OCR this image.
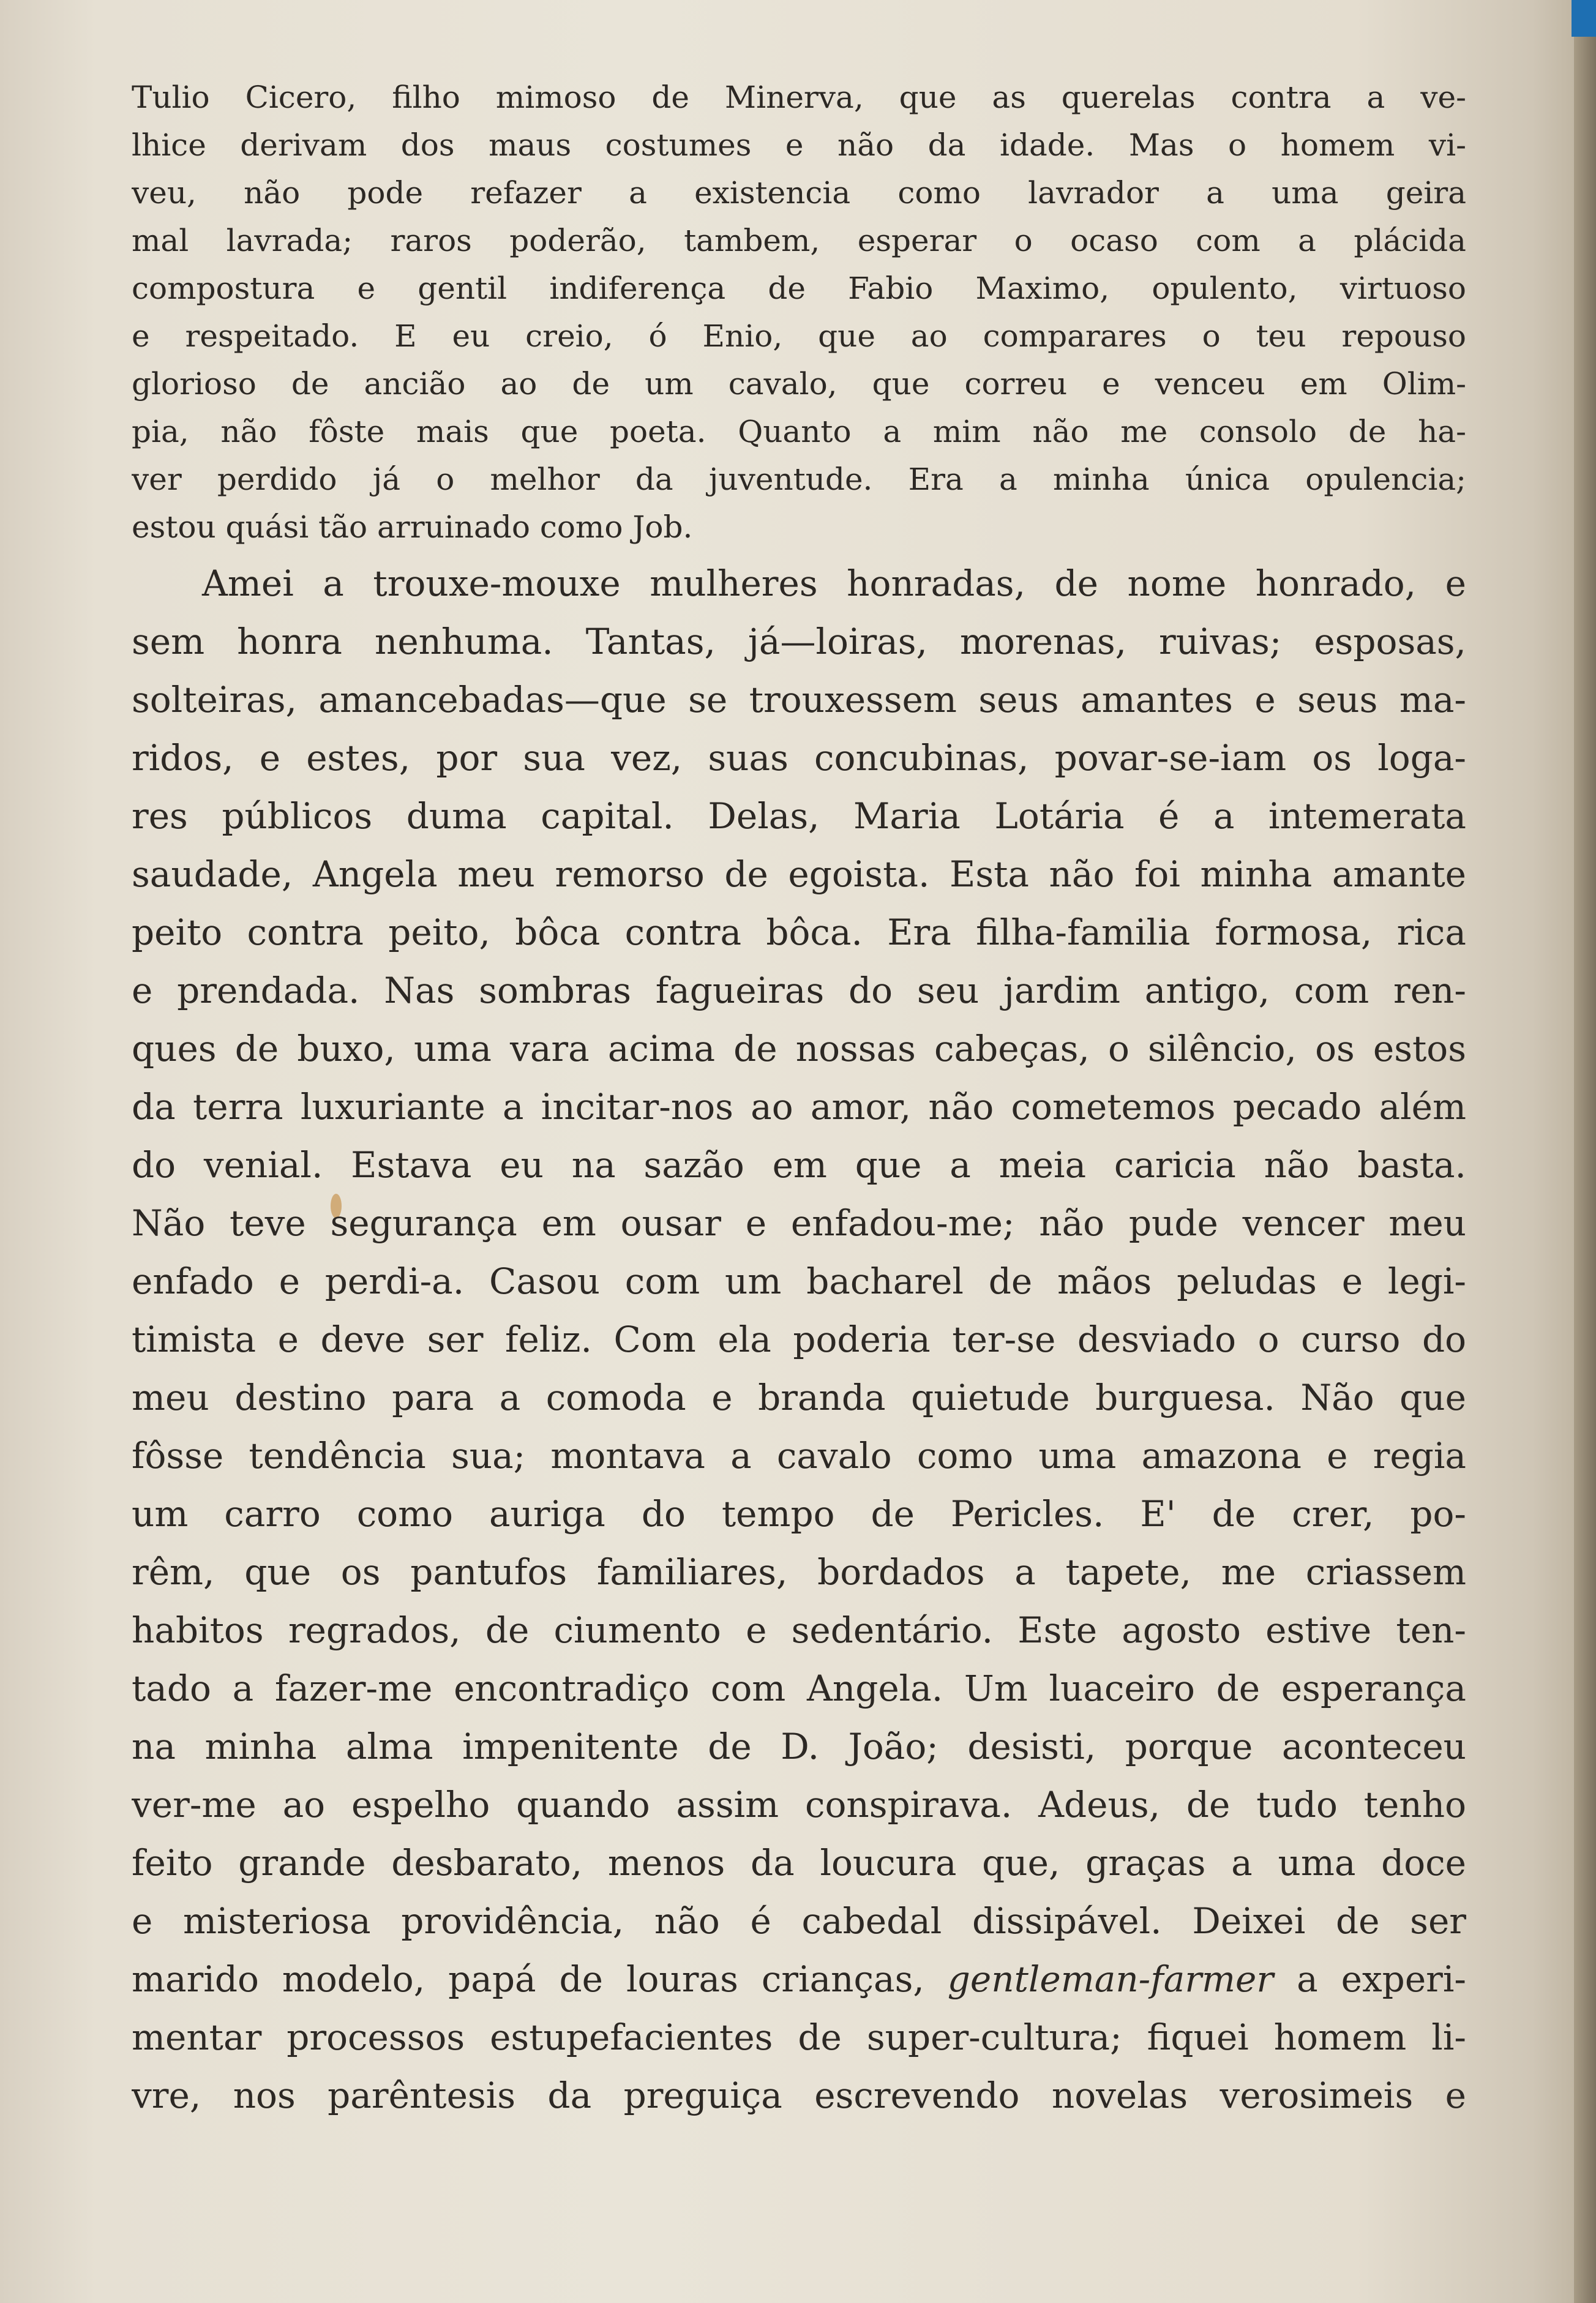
Tulio Cicero, filho mimoso de Minerva, que as querelas contra a ve-
lhice derivam dos maus costumes e não da idade. Mas o homem vi-
veu, não pode refazer a existencia como lavrador a uma geira
mal lavrada; raros poderão, tambem, esperar o ocaso com a plácida
compostura e gentil indiferença de Fabio Maximo, opulento, virtuoso
e respeitado. E eu creio, ó Enio, que ao comparares o teu repouso
glorioso de ancião ao de um cavalo, que correu e venceu em Olim-
pia, não fôste mais que poeta. Quanto a mim não me consolo de ha-
ver perdido já o melhor da juventude. Era a minha única opulencia;
estou quási tão arruinado como Job.
Amei a trouxe-mouxe mulheres honradas, de nome honrado, e
sem honra nenhuma. Tantas, já—loiras, morenas, ruivas; esposas,
solteiras, amancebadas—que se trouxessem seus amantes e seus ma-
ridos, e estes, por sua vez, suas concubinas, povar-se-iam os loga-
res públicos duma capital. Delas, Maria Lotária é a intemerata
saudade, Angela meu remorso de egoista. Esta não foi minha amante
peito contra peito, bôca contra bôca. Era filha-familia formosa, rica
e prendada. Nas sombras fagueiras do seu jardim antigo, com ren-
ques de buxo, uma vara acima de nossas cabeças, o silêncio, os estos
da terra luxuriante a incitar-nos ao amor, não cometemos pecado além
do venial. Estava eu na sazão em que a meia caricia não basta.
Não teve segurança em ousar e enfadou-me; não pude vencer meu
enfado e perdi-a. Casou com um bacharel de mãos peludas e legi-
timista e deve ser feliz. Com ela poderia ter-se desviado o curso do
meu destino para a comoda e branda quietude burguesa. Não que
fôsse tendência sua; montava a cavalo como uma amazona e regia
um carro como auriga do tempo de Pericles. E' de crer, po-
rêm, que os pantufos familiares, bordados a tapete, me criassem
habitos regrados, de ciumento e sedentário. Este agosto estive ten-
tado a fazer-me encontradiço com Angela. Um luaceiro de esperança
na minha alma impenitente de D. João; desisti, porque aconteceu
ver-me ao espelho quando assim conspirava. Adeus, de tudo tenho
feito grande desbarato, menos da loucura que, graças a uma doce
e misteriosa providência, não é cabedal dissipável. Deixei de ser
marido modelo, papá de louras crianças, gentleman-farmer a experi-
mentar processos estupefacientes de super-cultura; fiquei homem li-
vre, nos parêntesis da preguiça escrevendo novelas verosimeis e
